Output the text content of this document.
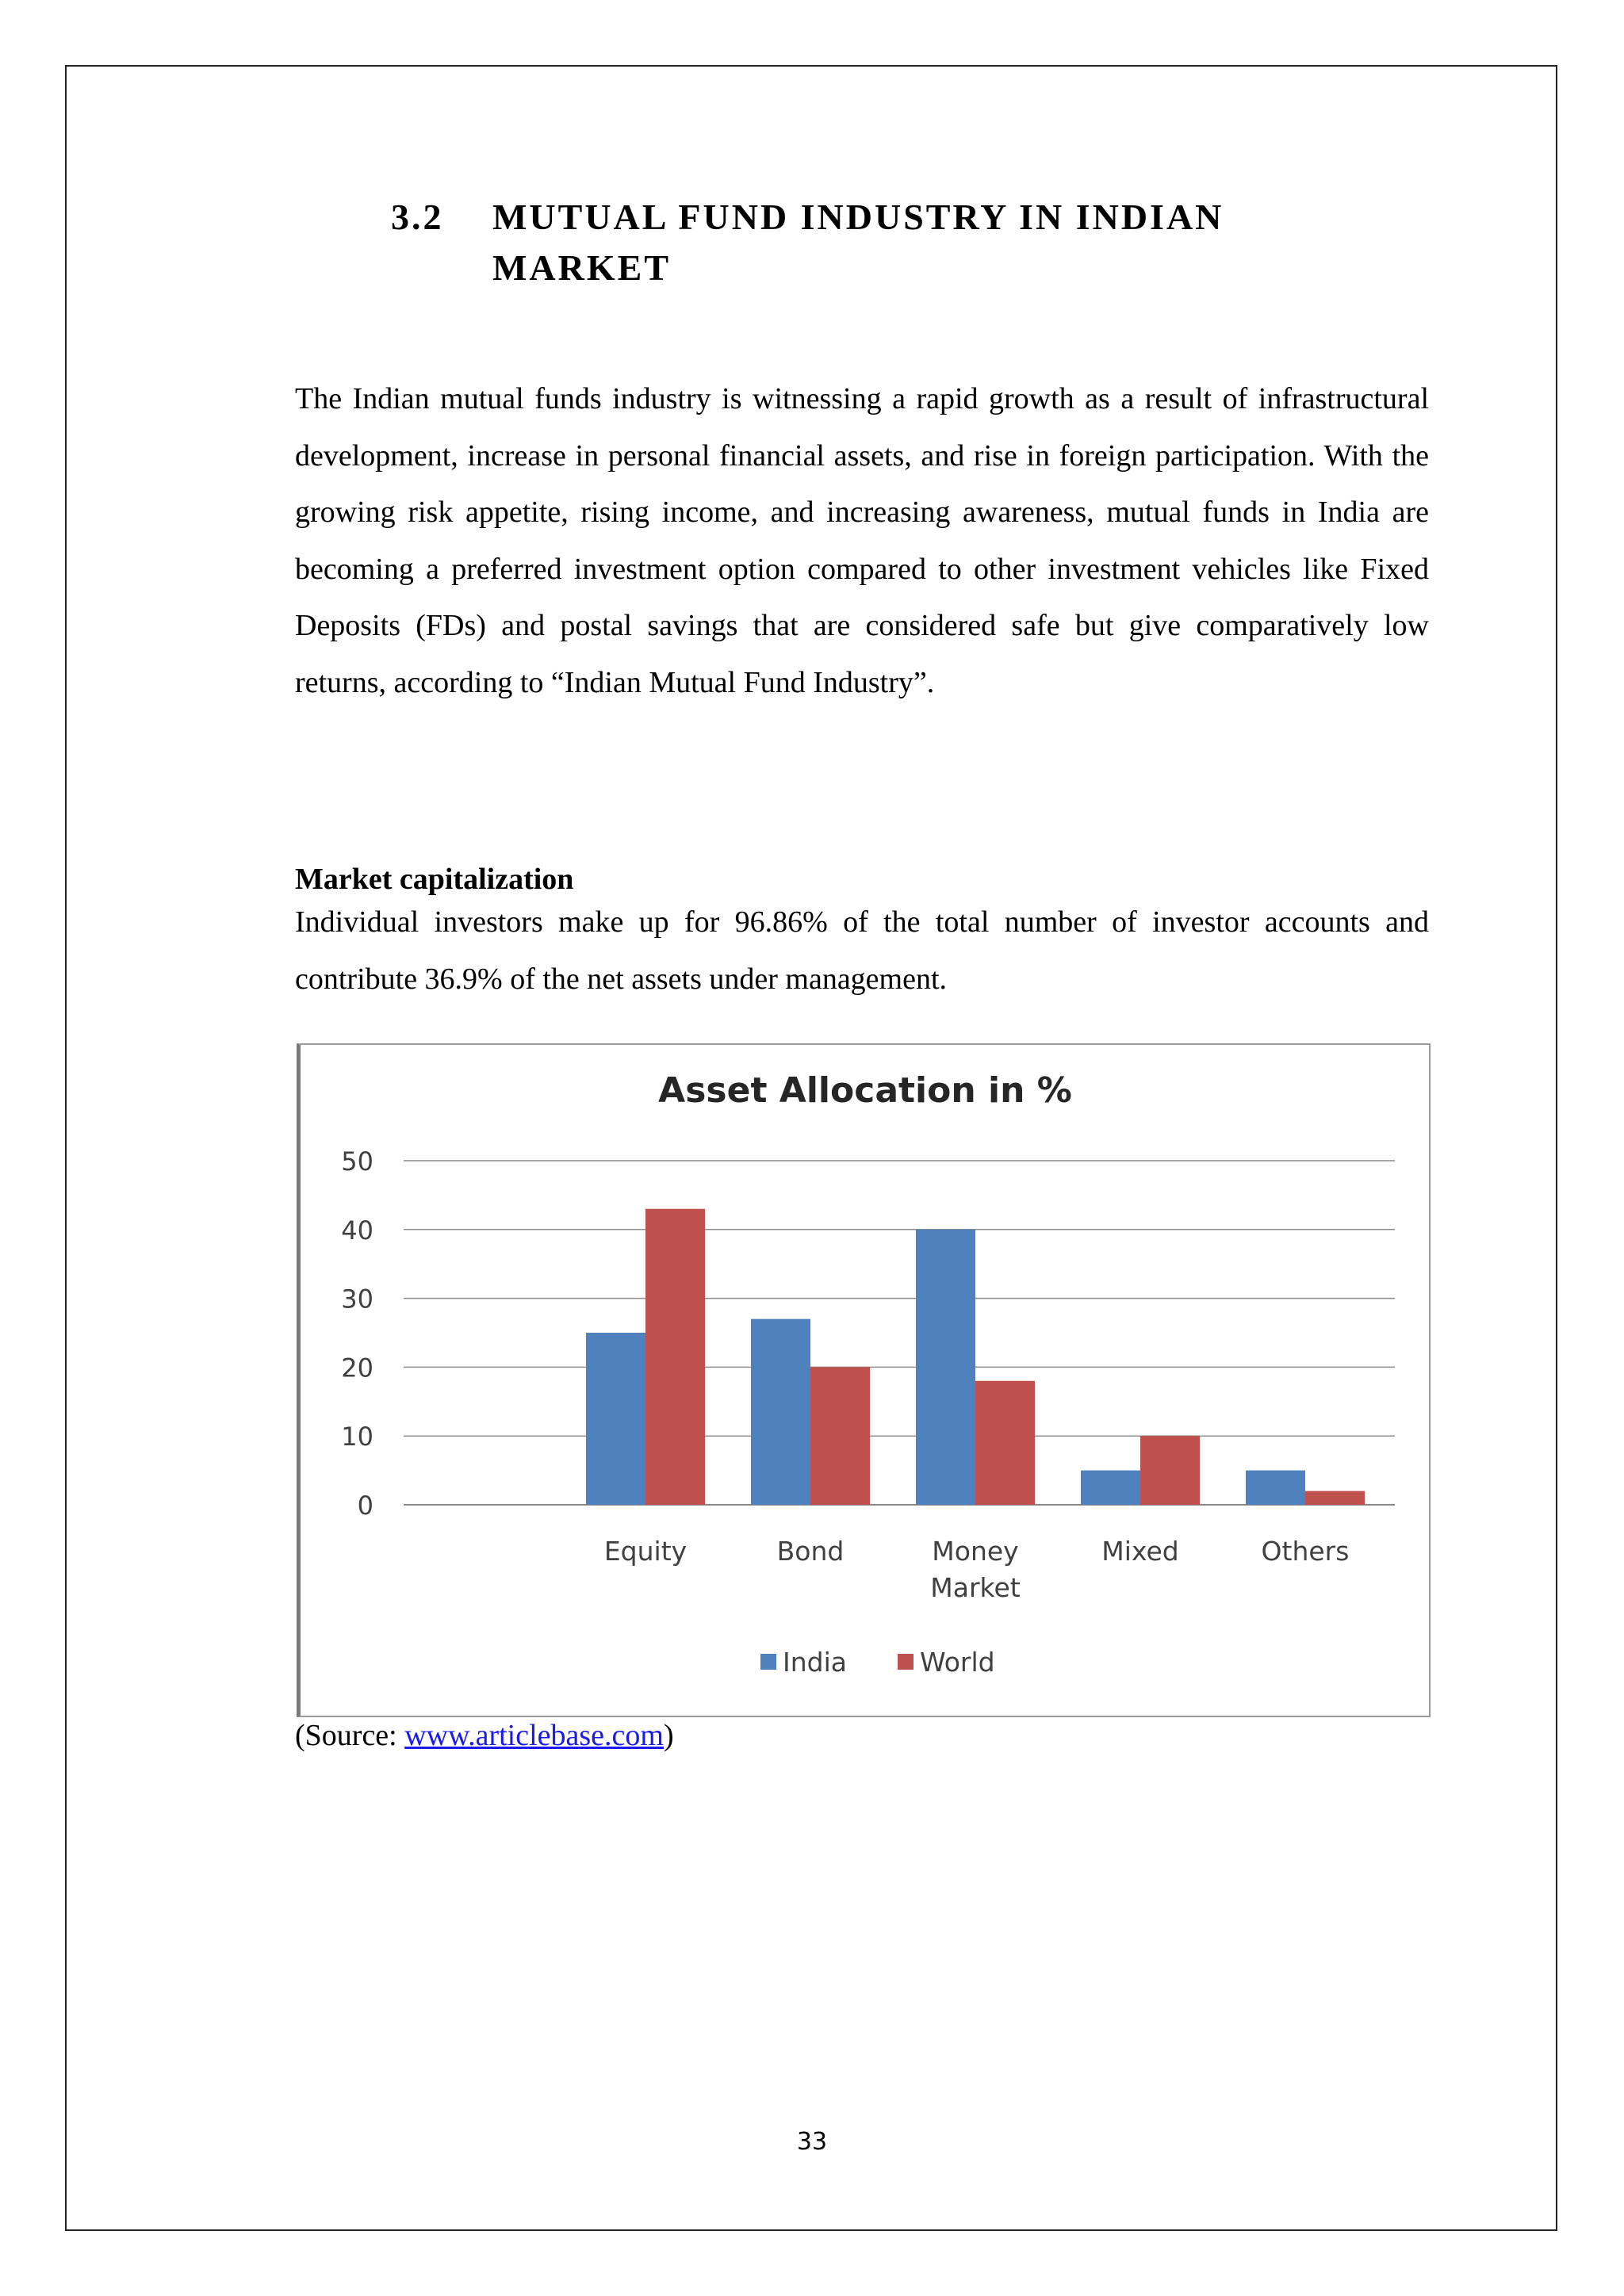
3.2 MUTUAL FUND INDUSTRY IN INDIAN
MARKET

The Indian mutual funds industry is witnessing a rapid growth as a result of infrastructural development, increase in personal financial assets, and rise in foreign participation. With the growing risk appetite, rising income, and increasing awareness, mutual funds in India are becoming a preferred investment option compared to other investment vehicles like Fixed Deposits (FDs) and postal savings that are considered safe but give comparatively low returns, according to “Indian Mutual Fund Industry”.

Market capitalization

Individual investors make up for 96.86% of the total number of investor accounts and contribute 36.9% of the net assets under management.

Asset Allocation in %
0
10
20
30
40
50
Equity	Bond	Money
Market
Mixed	Others
India	World
(Source: www.articlebase.com)
33
